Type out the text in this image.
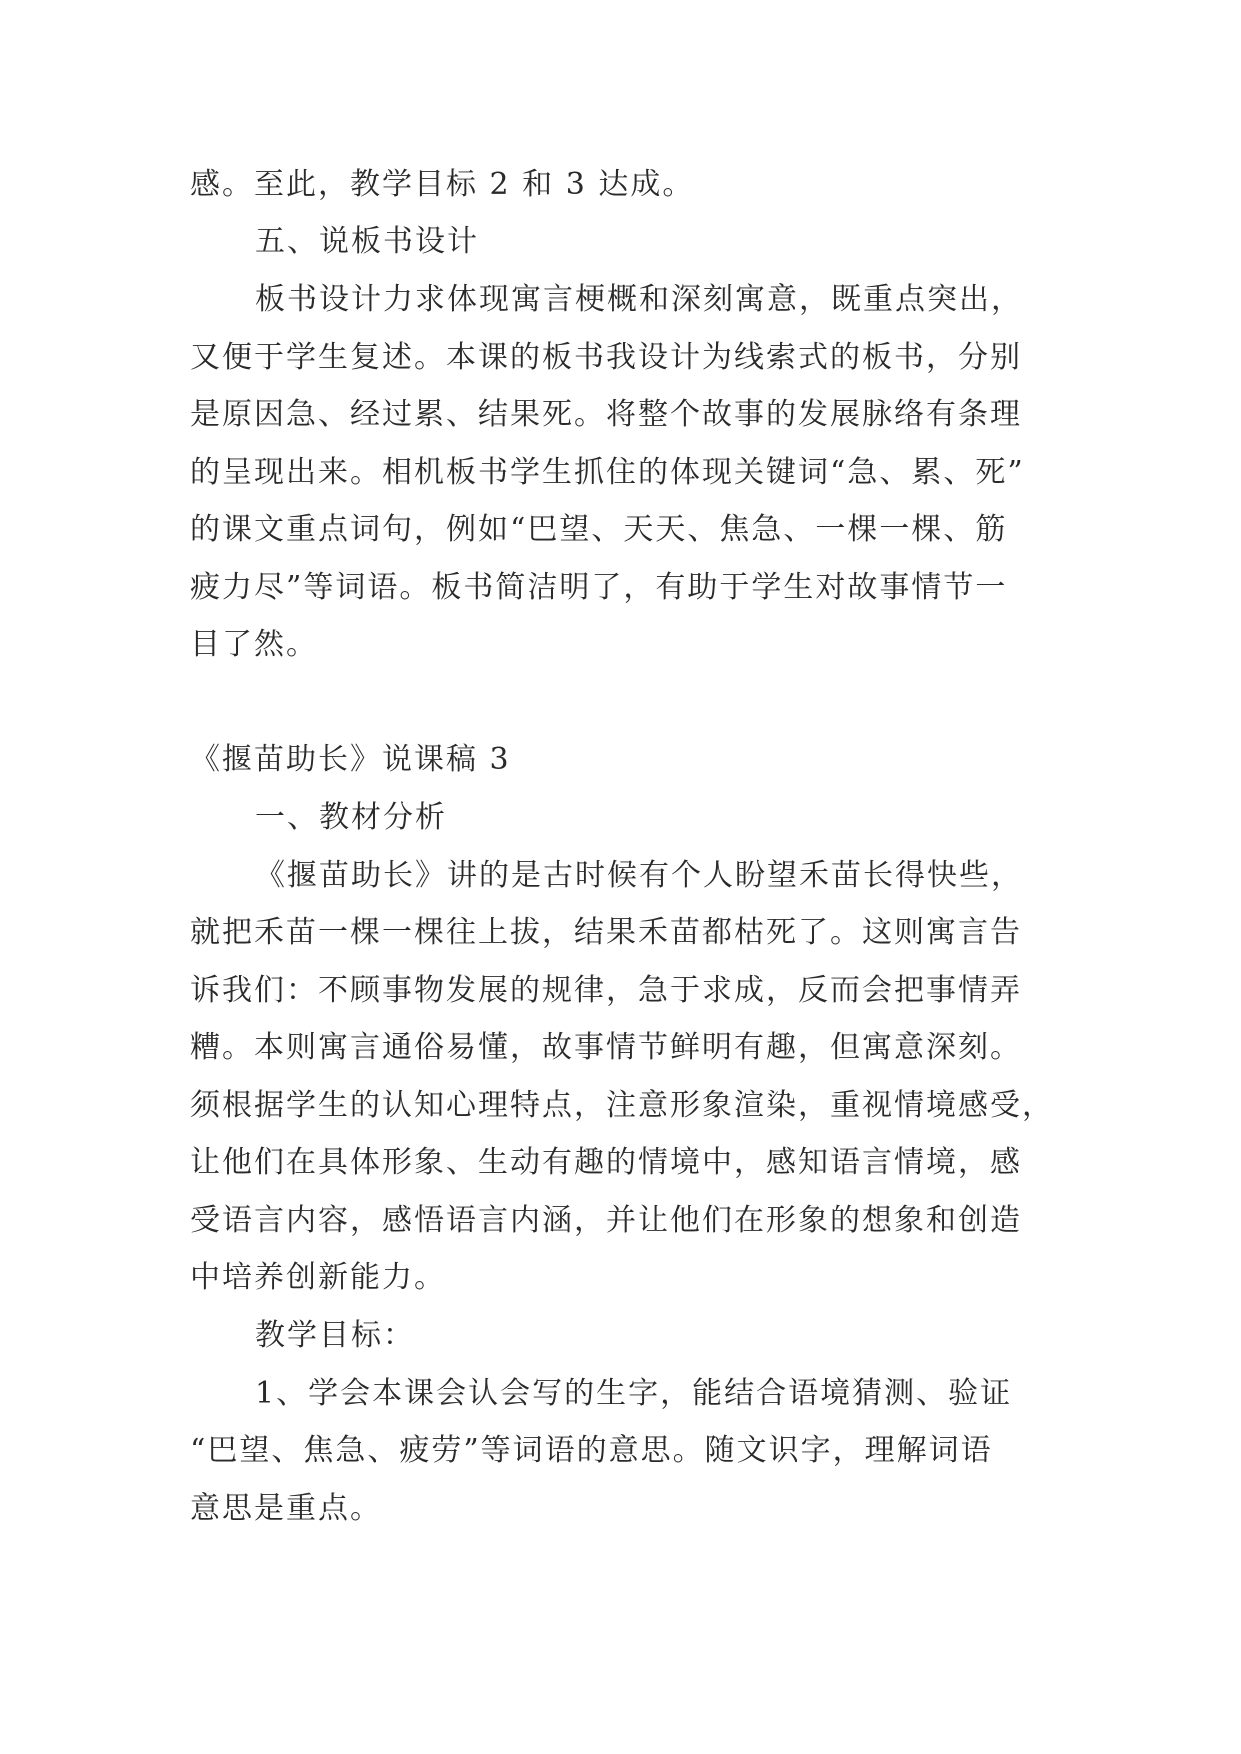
感。至此，教学目标 2 和 3 达成。
五、说板书设计
板书设计力求体现寓言梗概和深刻寓意，既重点突出，
又便于学生复述。本课的板书我设计为线索式的板书，分别
是原因急、经过累、结果死。将整个故事的发展脉络有条理
的呈现出来。相机板书学生抓住的体现关键词“急、累、死”
的课文重点词句，例如“巴望、天天、焦急、一棵一棵、筋
疲力尽”等词语。板书简洁明了，有助于学生对故事情节一
目了然。
《揠苗助长》说课稿 3
一、教材分析
《揠苗助长》讲的是古时候有个人盼望禾苗长得快些，
就把禾苗一棵一棵往上拔，结果禾苗都枯死了。这则寓言告
诉我们：不顾事物发展的规律，急于求成，反而会把事情弄
糟。本则寓言通俗易懂，故事情节鲜明有趣，但寓意深刻。
须根据学生的认知心理特点，注意形象渲染，重视情境感受，
让他们在具体形象、生动有趣的情境中，感知语言情境，感
受语言内容，感悟语言内涵，并让他们在形象的想象和创造
中培养创新能力。
教学目标：
1、学会本课会认会写的生字，能结合语境猜测、验证
“巴望、焦急、疲劳”等词语的意思。随文识字，理解词语
意思是重点。
